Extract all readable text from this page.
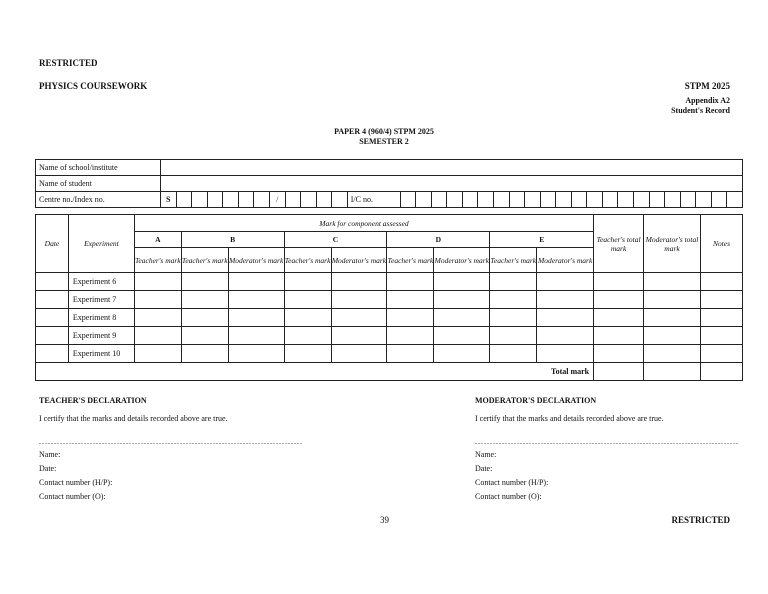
RESTRICTED
PHYSICS COURSEWORK	STPM 2025
Appendix A2
Student's Record
PAPER 4 (960/4) STPM 2025
SEMESTER 2
Name of school/institute																																			
Name of student																																			
Centre no./Index no.	S							/					I/C no.																						
Date	Experiment	Mark for component assessed									Teacher's total mark	Moderator's total mark	Notes
		A	B		C		D		E				
		Teacher's mark	Teacher's mark	Moderator's mark	Teacher's mark	Moderator's mark	Teacher's mark	Moderator's mark	Teacher's mark	Moderator's mark			
	Experiment 6												
	Experiment 7												
	Experiment 8												
	Experiment 9												
	Experiment 10												
Total mark													
TEACHER'S DECLARATION
I certify that the marks and details recorded above are true.
........................................................................................
Name:
Date:
Contact number (H/P):
Contact number (O):
MODERATOR'S DECLARATION
I certify that the marks and details recorded above are true.
........................................................................................
Name:
Date:
Contact number (H/P):
Contact number (O):
39	RESTRICTED
